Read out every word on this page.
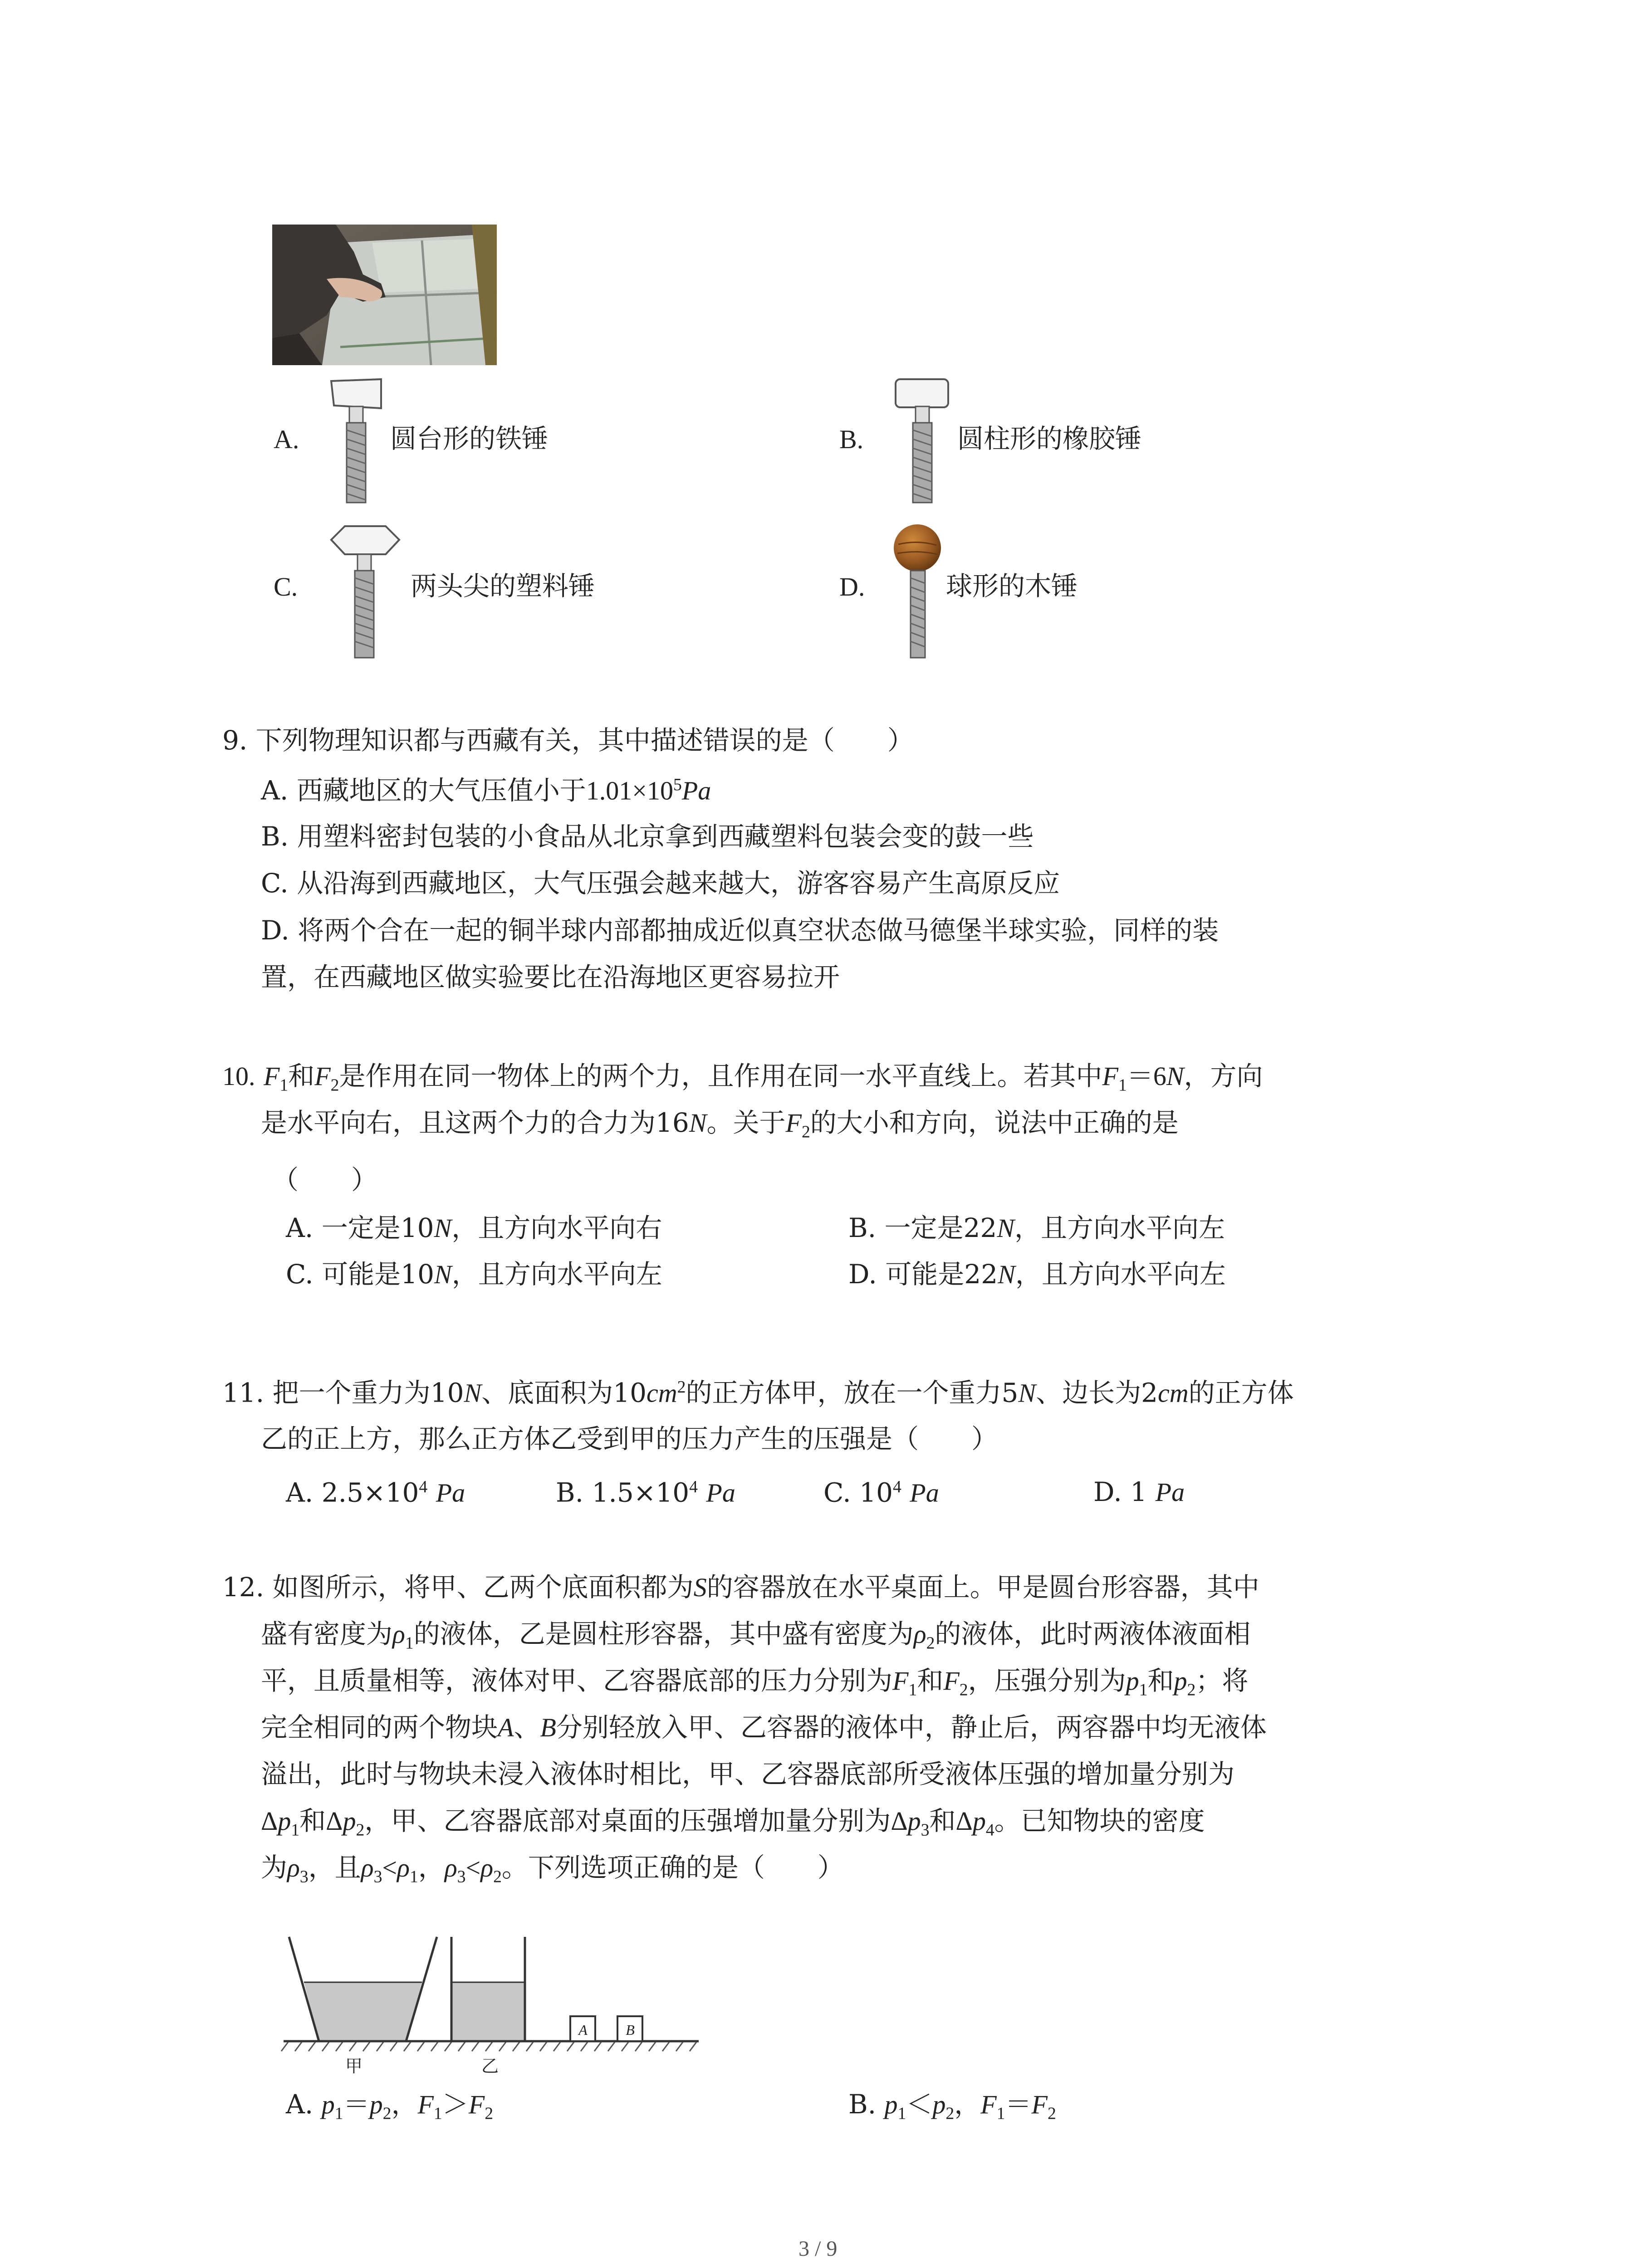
A.	圆台形的铁锤	B.	圆柱形的橡胶锤
C.	两头尖的塑料锤	D.	球形的木锤
9. 下列物理知识都与西藏有关，其中描述错误的是（　　）
A. 西藏地区的大气压值小于$1.01\times 10^5Pa$
B. 用塑料密封包装的小食品从北京拿到西藏塑料包装会变的鼓一些
C. 从沿海到西藏地区，大气压强会越来越大，游客容易产生高原反应
D. 将两个合在一起的铜半球内部都抽成近似真空状态做马德堡半球实验，同样的装
置，在西藏地区做实验要比在沿海地区更容易拉开
10. $F_1$和$F_2$是作用在同一物体上的两个力，且作用在同一水平直线上。若其中$F_1=6N$，方向
是水平向右，且这两个力的合力为16N。关于$F_2$的大小和方向，说法中正确的是
（　　）
A. 一定是10N，且方向水平向右	B. 一定是22N，且方向水平向左
C. 可能是10N，且方向水平向左	D. 可能是22N，且方向水平向左
11. 把一个重力为10N、底面积为$10cm^2$的正方体甲，放在一个重力5N、边长为2cm的正方体
乙的正上方，那么正方体乙受到甲的压力产生的压强是（　　）
A. $2.5\times 10^4$ Pa	B. $1.5\times 10^4$ Pa	C. $10^4$ Pa	D. 1 Pa
12. 如图所示，将甲、乙两个底面积都为S的容器放在水平桌面上。甲是圆台形容器，其中
盛有密度为$\rho_1$的液体，乙是圆柱形容器，其中盛有密度为$\rho_2$的液体，此时两液体液面相
平，且质量相等，液体对甲、乙容器底部的压力分别为$F_1$和$F_2$，压强分别为$p_1$和$p_2$；将
完全相同的两个物块A、B分别轻放入甲、乙容器的液体中，静止后，两容器中均无液体
溢出，此时与物块未浸入液体时相比，甲、乙容器底部所受液体压强的增加量分别为
$\Delta p_1$和$\Delta p_2$，甲、乙容器底部对桌面的压强增加量分别为$\Delta p_3$和$\Delta p_4$。已知物块的密度
为$\rho_3$，且$\rho_3<\rho_1$，$\rho_3<\rho_2$。下列选项正确的是（　　）
A	B
甲	乙
A. $p_1=p_2$，$F_1>F_2$	B. $p_1<p_2$，$F_1=F_2$
3 / 9
